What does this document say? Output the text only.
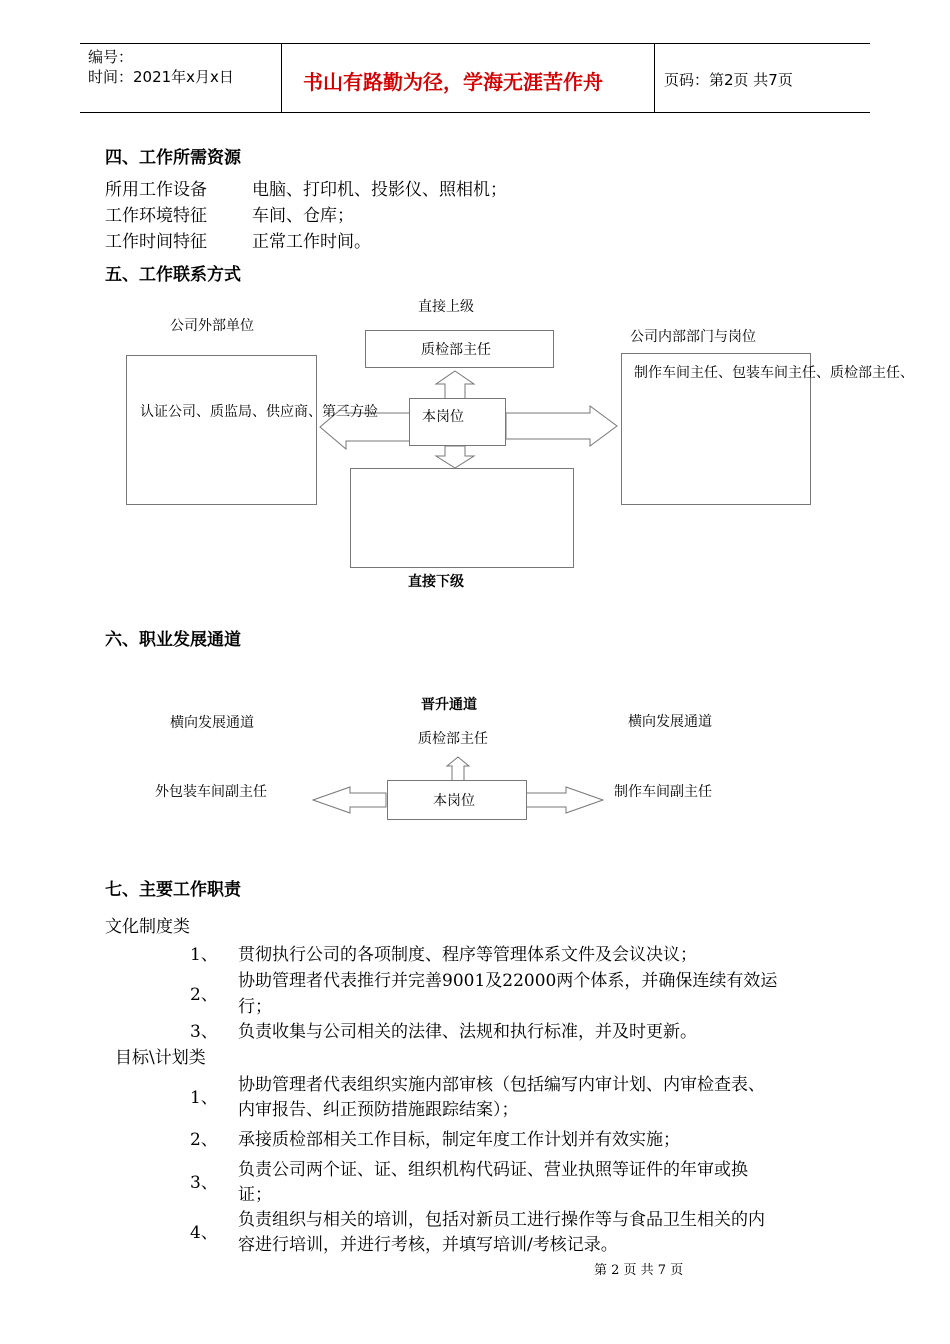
编号：
时间：2021年x月x日	书山有路勤为径，学海无涯苦作舟	页码：第2页 共7页
四、工作所需资源
所用工作设备	电脑、打印机、投影仪、照相机；
工作环境特征	车间、仓库；
工作时间特征	正常工作时间。
五、工作联系方式
直接上级
质检部主任
公司外部单位
公司内部部门与岗位
制作车间主任、包装车间主任、质检部主任、
认证公司、质监局、供应商、第三方验	本岗位
直接下级
六、职业发展通道
晋升通道
质检部主任
横向发展通道	横向发展通道
外包装车间副主任	制作车间副主任
本岗位
七、主要工作职责
文化制度类
1、 贯彻执行公司的各项制度、程序等管理体系文件及会议决议；
2、
协助管理者代表推行并完善9001及22000两个体系，并确保连续有效运
行；
3、 负责收集与公司相关的法律、法规和执行标准，并及时更新。
目标\计划类
1、
协助管理者代表组织实施内部审核（包括编写内审计划、内审检查表、
内审报告、纠正预防措施跟踪结案）；
2、 承接质检部相关工作目标，制定年度工作计划并有效实施；
3、
负责公司两个证、证、组织机构代码证、营业执照等证件的年审或换
证；
4、
负责组织与相关的培训，包括对新员工进行操作等与食品卫生相关的内
容进行培训，并进行考核，并填写培训/考核记录。
第 2 页 共 7 页
